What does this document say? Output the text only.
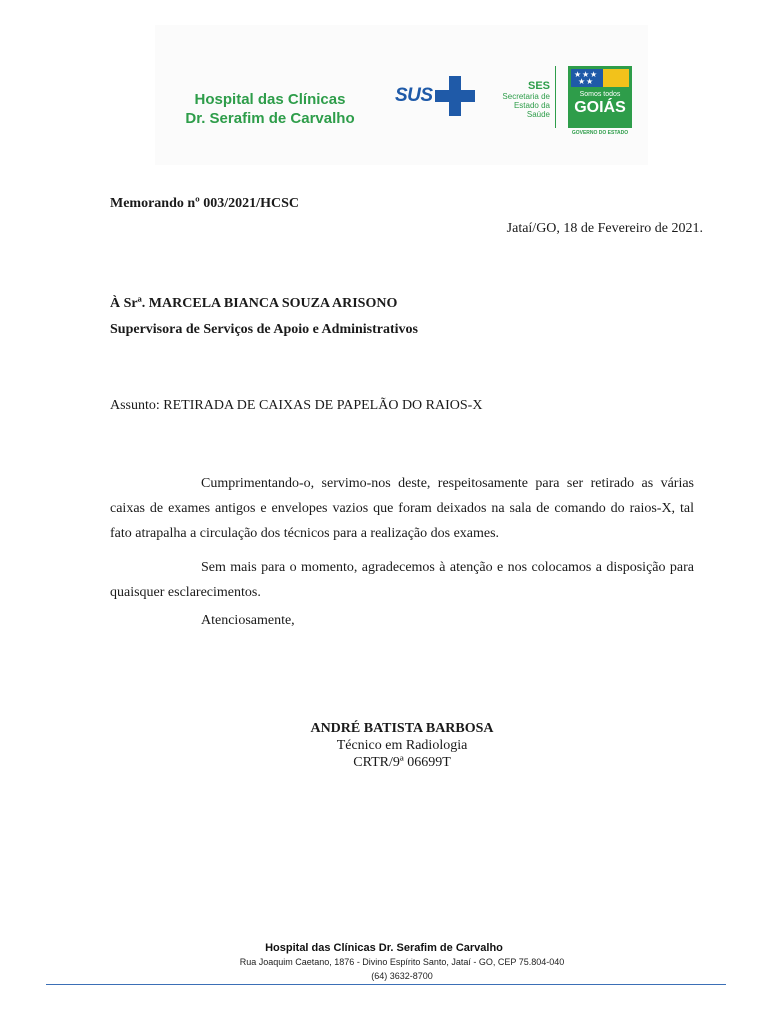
Hospital das Clínicas
Dr. Serafim de Carvalho
SUS	SES
Secretaria de
Estado da
Saúde
★ ★ ★
★ ★
Somos todos
GOIÁS
GOVERNO DO ESTADO
Memorando nº 003/2021/HCSC
Jataí/GO, 18 de Fevereiro de 2021.
À Srª. MARCELA BIANCA SOUZA ARISONO
Supervisora de Serviços de Apoio e Administrativos
Assunto: RETIRADA DE CAIXAS DE PAPELÃO DO RAIOS-X
Cumprimentando-o, servimo-nos deste, respeitosamente para ser retirado as várias caixas de exames antigos e envelopes vazios que foram deixados na sala de comando do raios-X, tal fato atrapalha a circulação dos técnicos para a realização dos exames.
Sem mais para o momento, agradecemos à atenção e nos colocamos a disposição para quaisquer esclarecimentos.
Atenciosamente,
ANDRÉ BATISTA BARBOSA
Técnico em Radiologia
CRTR/9ª 06699T
Hospital das Clínicas Dr. Serafim de Carvalho
Rua Joaquim Caetano, 1876 - Divino Espírito Santo, Jataí - GO, CEP 75.804-040
(64) 3632-8700
